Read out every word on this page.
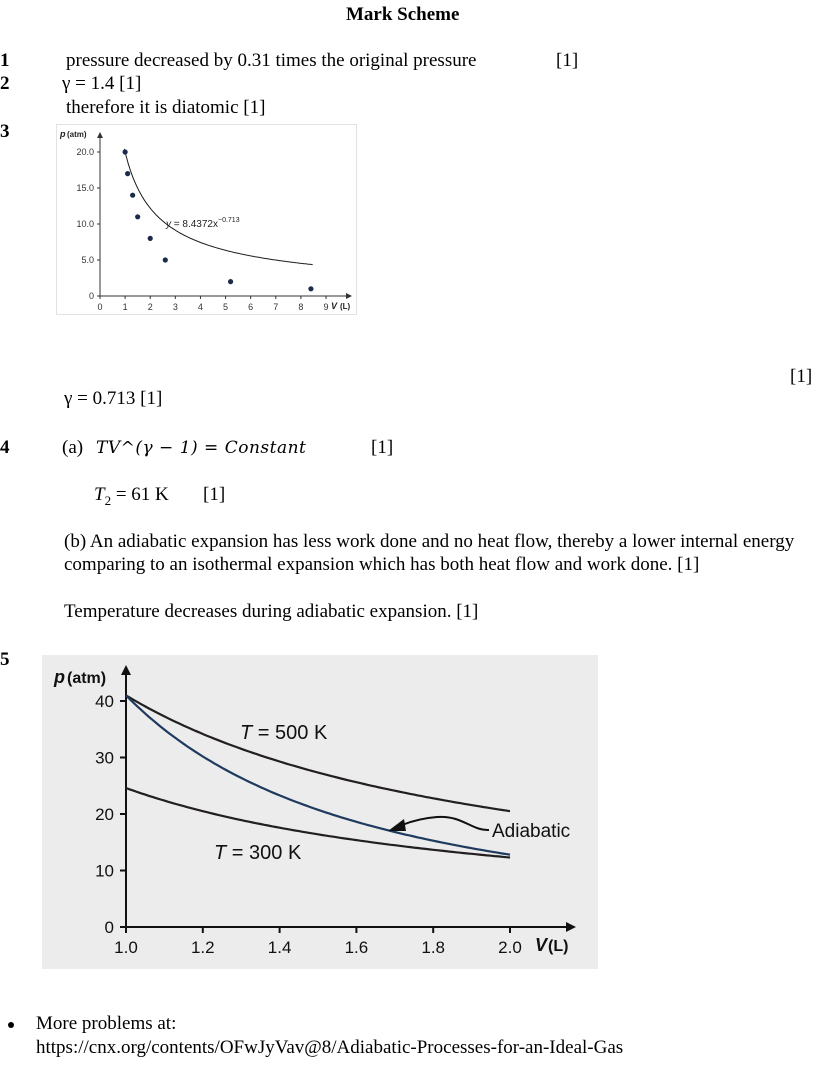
Mark Scheme
1	pressure decreased by 0.31 times the original pressure	[1]
2	γ = 1.4 [1]
therefore it is diatomic [1]
3
0 1 2 3 4 5 6 7 8 9
0
5.0
10.0
15.0
20.0
p (atm)
V (L)
$y = 8.4372x^{-0.713}$
[1]
γ = 0.713 [1]
4	(a) TV^(γ − 1) = Constant	[1]
$T_2 = 61$ K [1]
(b) An adiabatic expansion has less work done and no heat flow, thereby a lower internal energy comparing to an isothermal expansion which has both heat flow and work done. [1]
Temperature decreases during adiabatic expansion. [1]
5
1.0	1.2	1.4	1.6	1.8	2.0
0
10
20
30
40
p (atm)
V (L)
T = 500 K
T = 300 K
Adiabatic
More problems at:
https://cnx.org/contents/OFwJyVav@8/Adiabatic-Processes-for-an-Ideal-Gas
